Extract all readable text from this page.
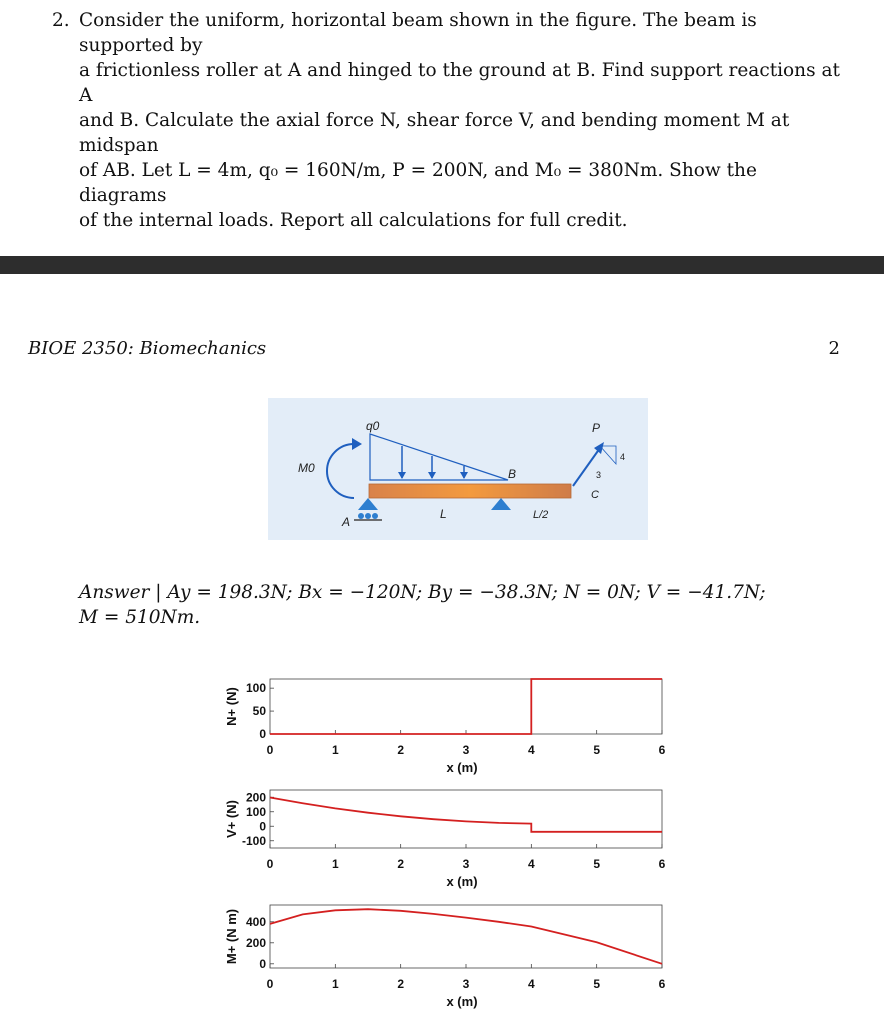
2. Consider the uniform, horizontal beam shown in the figure. The beam is supported by
a frictionless roller at A and hinged to the ground at B. Find support reactions at A
and B. Calculate the axial force N, shear force V, and bending moment M at midspan
of AB. Let L = 4m, q₀ = 160N/m, P = 200N, and M₀ = 380Nm. Show the diagrams
of the internal loads. Report all calculations for full credit.
BIOE 2350: Biomechanics	2
q0
M0
A
B
L	L/2
P
4
3
C
Answer | Ay = 198.3N; Bx = −120N; By = −38.3N; N = 0N; V = −41.7N;
M = 510Nm.
0	1	2	3	4	5	6
0
50
100
x (m)
N+ (N)
0	1	2	3	4	5	6
200
100
0
-100
x (m)
V+ (N)
0	1	2	3	4	5	6
400
200
0
x (m)
M+ (N m)
